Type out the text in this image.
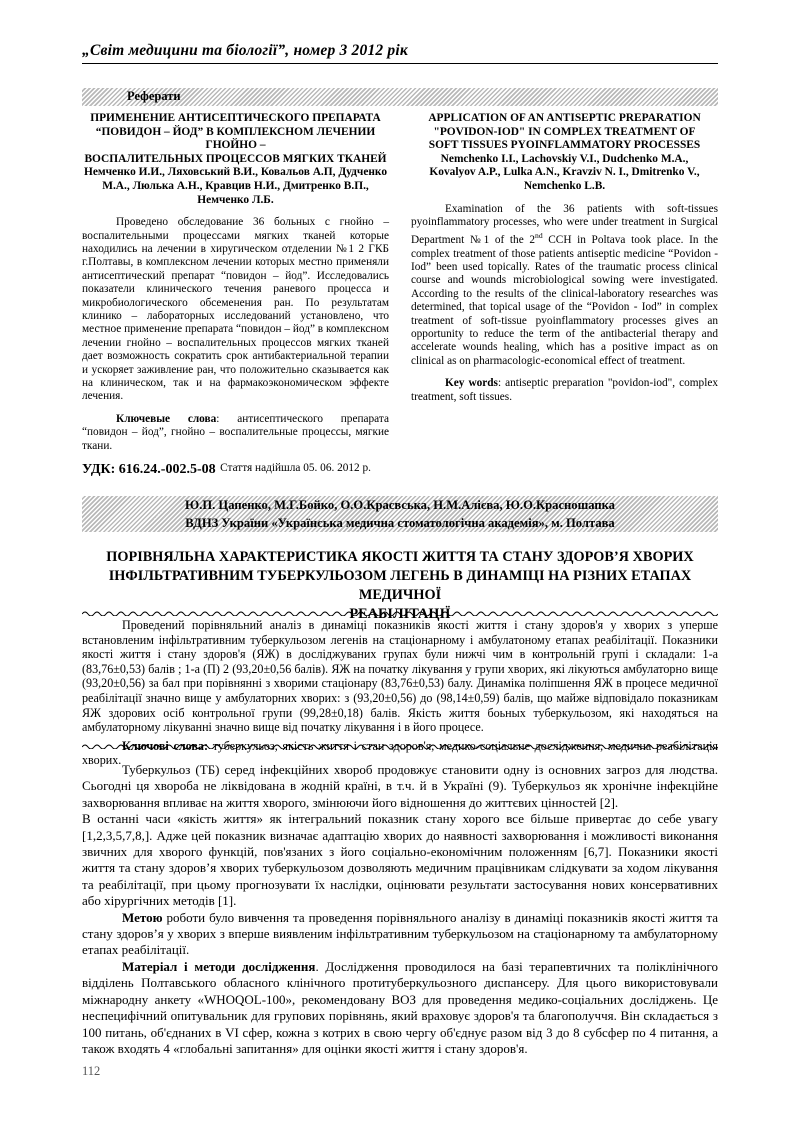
„Світ медицини та біології”, номер 3 2012 рік
Реферати
ПРИМЕНЕНИЕ АНТИСЕПТИЧЕСКОГО ПРЕПАРАТА
“ПОВИДОН – ЙОД” В КОМПЛЕКСНОМ ЛЕЧЕНИИ ГНОЙНО –
ВОСПАЛИТЕЛЬНЫХ ПРОЦЕССОВ МЯГКИХ ТКАНЕЙ
Немченко И.И., Ляховський В.И., Ковальов А.П, Дудченко
М.А., Люлька А.Н., Кравцив Н.И., Дмитренко В.П.,
Немченко Л.Б.

Проведено обследование 36 больных с гнойно – воспалительными процессами мягких тканей которые находились на лечении в хиругическом отделении №1 2 ГКБ г.Полтавы, в комплексном лечении которых местно применяли антисептический препарат “повидон – йод”. Исследовались показатели клинического течения раневого процесса и микробиологического обсеменения ран. По результатам клинико – лабораторных исследований установлено, что местное применение препарата “повидон – йод” в комплексном лечении гнойно – воспалительных процессов мягких тканей дает возможность сократить срок антибактериальной терапии и ускоряет заживление ран, что положительно сказывается как на клиническом, так и на фармакоэкономическом эффекте лечения.

Ключевые слова: антисептического препарата “повидон – йод”, гнойно – воспалительные процессы, мягкие ткани.

Стаття надійшла 05. 06. 2012 р.

APPLICATION OF AN ANTISEPTIC PREPARATION
"POVIDON-IOD" IN COMPLEX TREATMENT OF
SOFT TISSUES PYOINFLAMMATORY PROCESSES
Nemchenko I.I., Lachovskiy V.I., Dudchenko M.A.,
Kovalyov A.P., Lulka A.N., Kravziv N. I., Dmitrenko V.,
Nemchenko L.B.

Examination of the 36 patients with soft-tissues pyoinflammatory processes, who were under treatment in Surgical Department №1 of the 2nd CCH in Poltava took place. In the complex treatment of those patients antiseptic medicine “Povidon - Iod” been used topically. Rates of the traumatic process clinical course and wounds microbiological sowing were investigated. According to the results of the clinical-laboratory researches was determined, that topical usage of the “Povidon - Iod” in complex treatment of soft-tissue pyoinflammatory processes gives an opportunity to reduce the term of the antibacterial therapy and accelerate wounds healing, which has a positive impact as on clinical as on pharmacologic-economical effect of treatment.

Key words: antiseptic preparation "povidon-iod", complex treatment, soft tissues.

УДК: 616.24.-002.5-08
Ю.П. Цапенко, М.Г.Бойко, О.О.Красвська, Н.М.Алієва, Ю.О.Красношапка
ВДНЗ України «Українська медична стоматологічна академія», м. Полтава
ПОРІВНЯЛЬНА ХАРАКТЕРИСТИКА ЯКОСТІ ЖИТТЯ ТА СТАНУ ЗДОРОВ’Я ХВОРИХ
ІНФІЛЬТРАТИВНИМ ТУБЕРКУЛЬОЗОМ ЛЕГЕНЬ В ДИНАМІЦІ НА РІЗНИХ ЕТАПАХ МЕДИЧНОЇ
РЕАБІЛІТАЦІЇ

Проведений порівняльний аналіз в динаміці показників якості життя і стану здоров'я у хворих з уперше встановленим інфільтративним туберкульозом легенів на стаціонарному і амбулатоному етапах реабілітації. Показники якості життя і стану здоров'я (ЯЖ) в досліджуваних групах були нижчі чим в контрольній групі і складали: 1-а (83,76±0,53) балів ; 1-а (П) 2 (93,20±0,56 балів). ЯЖ на початку лікування у групи хворих, які лікуються амбулаторно вище (93,20±0,56) за бал при порівнянні з хворими стаціонару (83,76±0,53) балу. Динаміка поліпшення ЯЖ в процесе медичної реабілітації значно вище у амбулаторних хворих: з (93,20±0,56) до (98,14±0,59) балів, що майже відповідало показникам ЯЖ здорових осіб контрольної групи (99,28±0,18) балів. Якість життя боьных туберкульозом, які находяться на амбулаторному лікуванні значно вище від початку лікування і в його процесе.

Ключові слова: туберкульоз, якість життя і стан здоров'я, медико-соціальне дослідження, медична реабілітація хворих.

Туберкульоз (ТБ) серед інфекційних хвороб продовжує становити одну із основних загроз для людства. Сьогодні ця хвороба не ліквідована в жодній країні, в т.ч. й в Україні (9). Туберкульоз як хронічне інфекційне захворювання впливає на життя хворого, змінюючи його відношення до життєвих цінностей [2].

В останні часи «якість життя» як інтегральний показник стану хорого все більше привертає до себе увагу [1,2,3,5,7,8,]. Адже цей показник визначає адаптацію хворих до наявності захворювання і можливості виконання звичних для хворого функцій, пов'язаних з його соціально-економічним положенням [6,7]. Показники якості життя та стану здоров’я хворих туберкульозом дозволяють медичним працівникам слідкувати за ходом лікування та реабілітації, при цьому прогнозувати їх наслідки, оцінювати результати застосування нових консервативних або хірургічних методів [1].

Метою роботи було вивчення та проведення порівняльного аналізу в динаміці показників якості життя та стану здоров’я у хворих з вперше виявленим інфільтративним туберкульозом на стаціонарному та амбулаторному етапах реабілітації.

Матеріал і методи дослідження. Дослідження проводилося на базі терапевтичних та поліклінічного відділень Полтавського обласного клінічного протитуберкульозного диспансеру. Для цього використовували міжнародну анкету «WHOQOL-100», рекомендовану ВОЗ для проведення медико-соціальних досліджень. Це неспецифічний опитувальник для групових порівнянь, який враховує здоров'я та благополуччя. Він складається з 100 питань, об'єднаних в VI сфер, кожна з котрих в свою чергу об'єднує разом від 3 до 8 субсфер по 4 питання, а також входять 4 «глобальні запитання» для оцінки якості життя і стану здоров'я.

112
